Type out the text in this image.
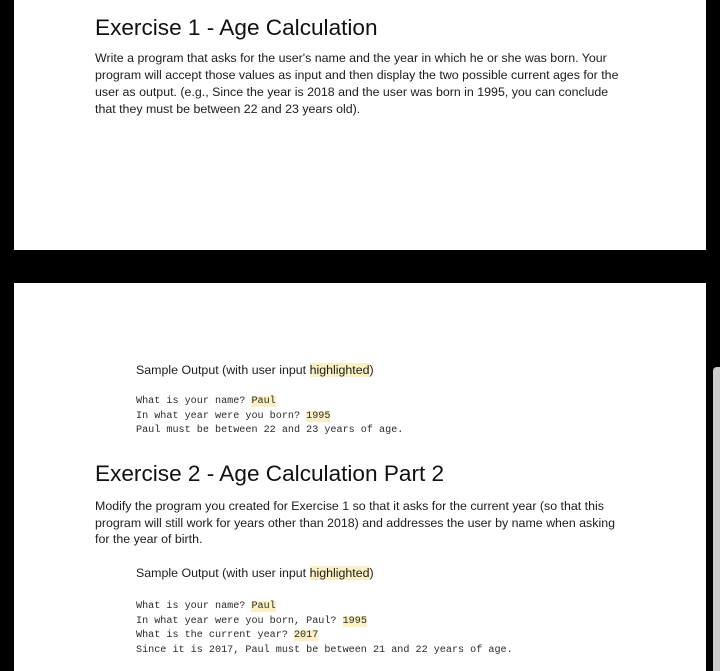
Exercise 1 - Age Calculation
Write a program that asks for the user's name and the year in which he or she was born. Your
program will accept those values as input and then display the two possible current ages for the
user as output. (e.g., Since the year is 2018 and the user was born in 1995, you can conclude
that they must be between 22 and 23 years old).
Sample Output (with user input highlighted)
What is your name? Paul
In what year were you born? 1995
Paul must be between 22 and 23 years of age.
Exercise 2 - Age Calculation Part 2
Modify the program you created for Exercise 1 so that it asks for the current year (so that this
program will still work for years other than 2018) and addresses the user by name when asking
for the year of birth.
Sample Output (with user input highlighted)
What is your name? Paul
In what year were you born, Paul? 1995
What is the current year? 2017
Since it is 2017, Paul must be between 21 and 22 years of age.
